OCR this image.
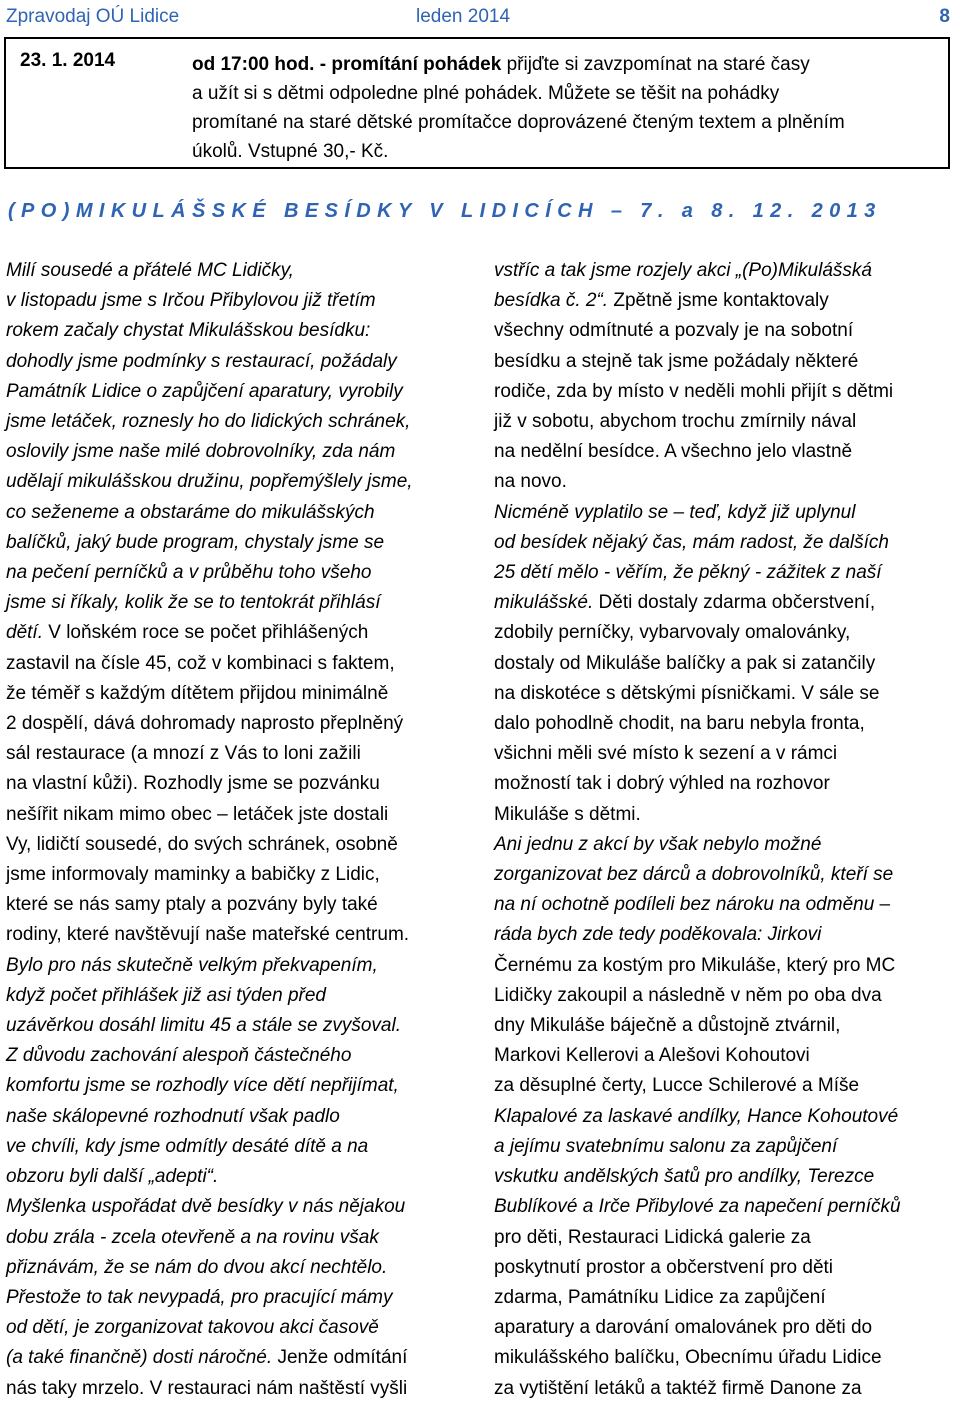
Zpravodaj OÚ Lidice	leden 2014	8
23. 1. 2014	od 17:00 hod. - promítání pohádek přijďte si zavzpomínat na staré časy
a užít si s dětmi odpoledne plné pohádek. Můžete se těšit na pohádky
promítané na staré dětské promítačce doprovázené čteným textem a plněním
úkolů. Vstupné 30,- Kč.
(PO)MIKULÁŠSKÉ BESÍDKY V LIDICÍCH – 7. a 8. 12. 2013

Milí sousedé a přátelé MC Lidičky,

v listopadu jsme s Irčou Přibylovou již třetím

rokem začaly chystat Mikulášskou besídku:

dohodly jsme podmínky s restaurací, požádaly

Památník Lidice o zapůjčení aparatury, vyrobily

jsme letáček, roznesly ho do lidických schránek,

oslovily jsme naše milé dobrovolníky, zda nám

udělají mikulášskou družinu, popřemýšlely jsme,

co seženeme a obstaráme do mikulášských

balíčků, jaký bude program, chystaly jsme se

na pečení perníčků a v průběhu toho všeho

jsme si říkaly, kolik že se to tentokrát přihlásí

dětí. V loňském roce se počet přihlášených

zastavil na čísle 45, což v kombinaci s faktem,

že téměř s každým dítětem přijdou minimálně

2 dospělí, dává dohromady naprosto přeplněný

sál restaurace (a mnozí z Vás to loni zažili

na vlastní kůži). Rozhodly jsme se pozvánku

nešířit nikam mimo obec – letáček jste dostali

Vy, lidičtí sousedé, do svých schránek, osobně

jsme informovaly maminky a babičky z Lidic,

které se nás samy ptaly a pozvány byly také

rodiny, které navštěvují naše mateřské centrum.

Bylo pro nás skutečně velkým překvapením,

když počet přihlášek již asi týden před

uzávěrkou dosáhl limitu 45 a stále se zvyšoval.

Z důvodu zachování alespoň částečného

komfortu jsme se rozhodly více dětí nepřijímat,

naše skálopevné rozhodnutí však padlo

ve chvíli, kdy jsme odmítly desáté dítě a na

obzoru byli další „adepti“.

Myšlenka uspořádat dvě besídky v nás nějakou

dobu zrála - zcela otevřeně a na rovinu však

přiznávám, že se nám do dvou akcí nechtělo.

Přestože to tak nevypadá, pro pracující mámy

od dětí, je zorganizovat takovou akci časově

(a také finančně) dosti náročné. Jenže odmítání

nás taky mrzelo. V restauraci nám naštěstí vyšli

vstříc a tak jsme rozjely akci „(Po)Mikulášská

besídka č. 2“. Zpětně jsme kontaktovaly

všechny odmítnuté a pozvaly je na sobotní

besídku a stejně tak jsme požádaly některé

rodiče, zda by místo v neděli mohli přijít s dětmi

již v sobotu, abychom trochu zmírnily nával

na nedělní besídce. A všechno jelo vlastně

na novo.

Nicméně vyplatilo se – teď, když již uplynul

od besídek nějaký čas, mám radost, že dalších

25 dětí mělo - věřím, že pěkný - zážitek z naší

mikulášské. Děti dostaly zdarma občerstvení,

zdobily perníčky, vybarvovaly omalovánky,

dostaly od Mikuláše balíčky a pak si zatančily

na diskotéce s dětskými písničkami. V sále se

dalo pohodlně chodit, na baru nebyla fronta,

všichni měli své místo k sezení a v rámci

možností tak i dobrý výhled na rozhovor

Mikuláše s dětmi.

Ani jednu z akcí by však nebylo možné

zorganizovat bez dárců a dobrovolníků, kteří se

na ní ochotně podíleli bez nároku na odměnu –

ráda bych zde tedy poděkovala: Jirkovi

Černému za kostým pro Mikuláše, který pro MC

Lidičky zakoupil a následně v něm po oba dva

dny Mikuláše báječně a důstojně ztvárnil,

Markovi Kellerovi a Alešovi Kohoutovi

za děsuplné čerty, Lucce Schilerové a Míše

Klapalové za laskavé andílky, Hance Kohoutové

a jejímu svatebnímu salonu za zapůjčení

vskutku andělských šatů pro andílky, Terezce

Bublíkové a Irče Přibylové za napečení perníčků

pro děti, Restauraci Lidická galerie za

poskytnutí prostor a občerstvení pro děti

zdarma, Památníku Lidice za zapůjčení

aparatury a darování omalovánek pro děti do

mikulášského balíčku, Obecnímu úřadu Lidice

za vytištění letáků a taktéž firmě Danone za
